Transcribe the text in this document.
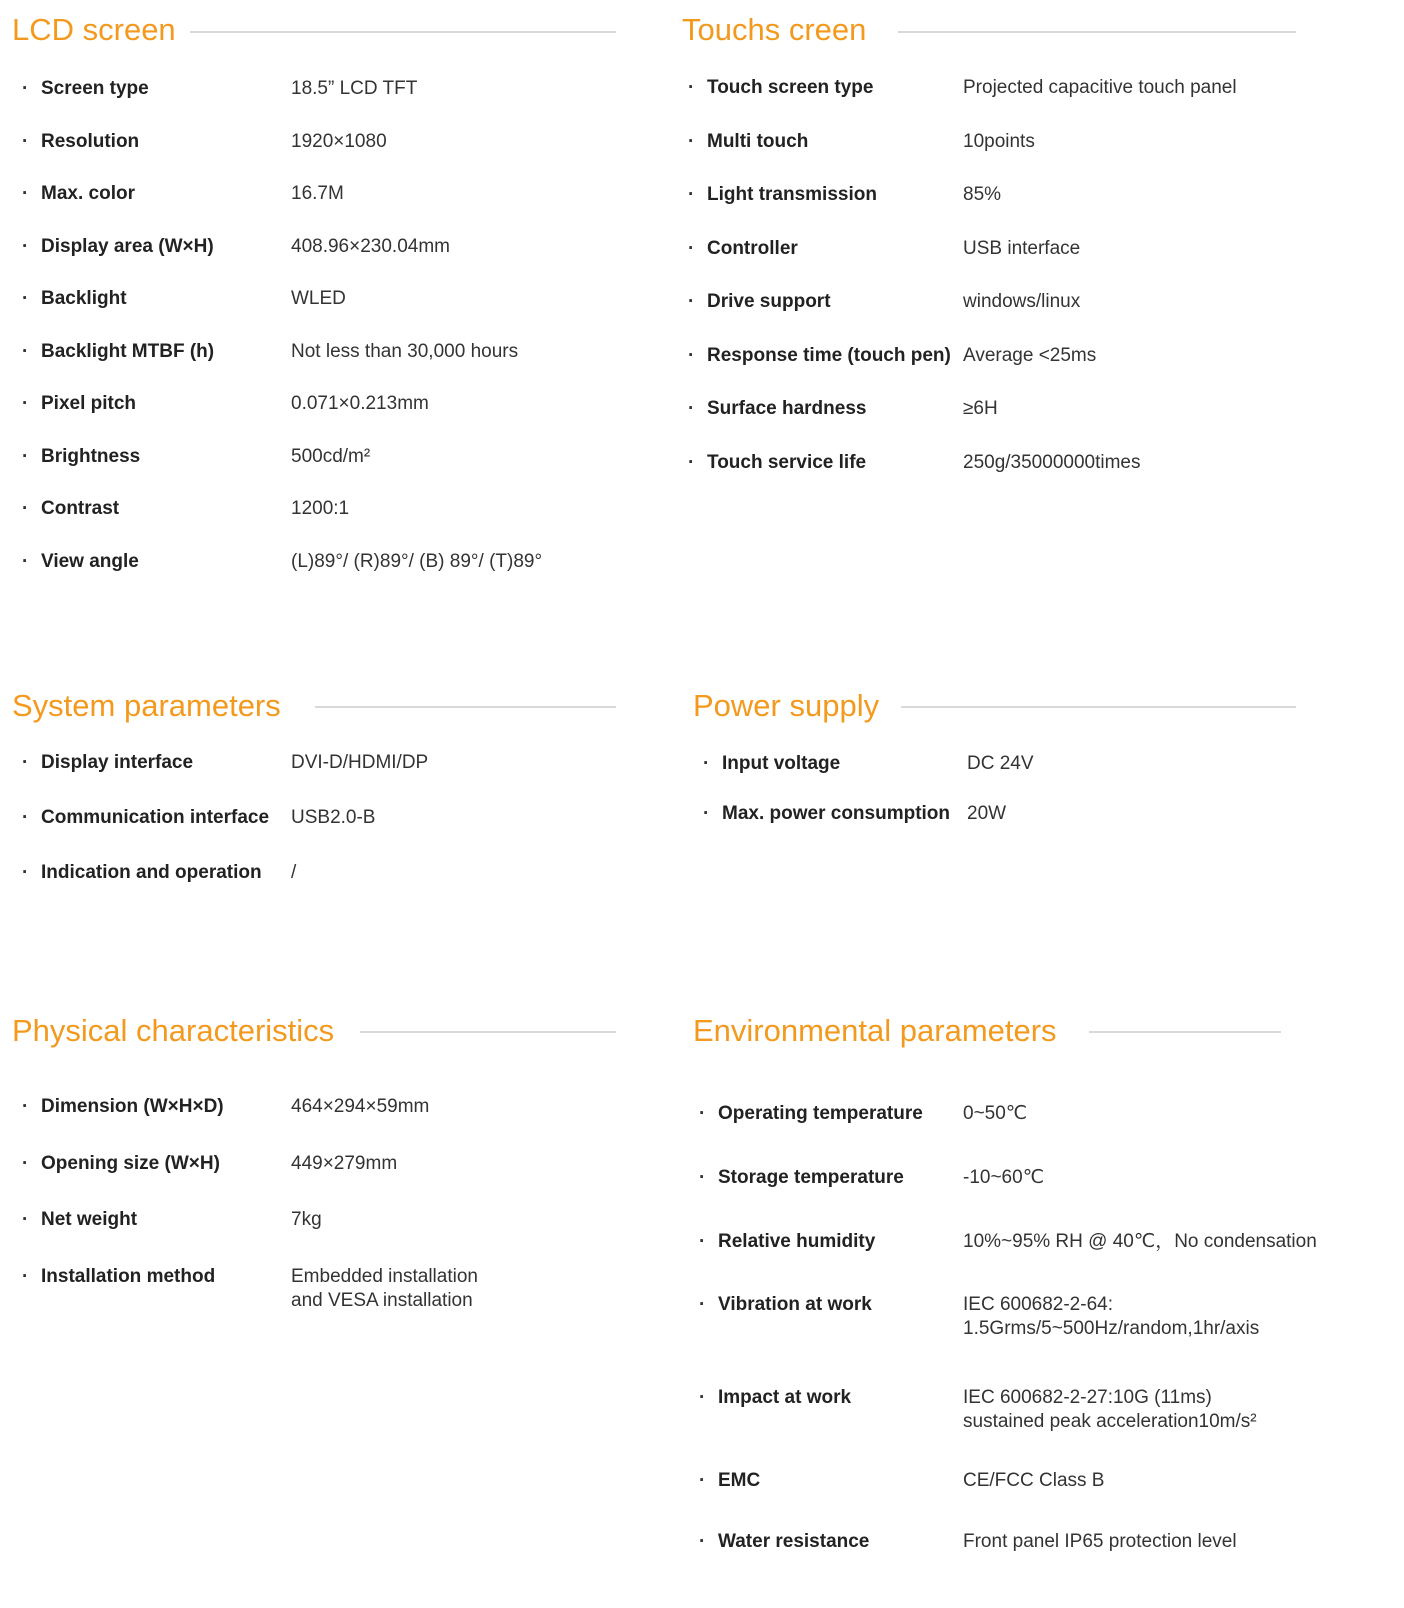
LCD screen
· Screen type	18.5” LCD TFT
· Resolution	1920×1080
· Max. color	16.7M
· Display area (W×H)	408.96×230.04mm
· Backlight	WLED
· Backlight MTBF (h)	Not less than 30,000 hours
· Pixel pitch	0.071×0.213mm
· Brightness	500cd/m²
· Contrast	1200:1
· View angle	(L)89°/ (R)89°/ (B) 89°/ (T)89°
Touchs creen
· Touch screen type	Projected capacitive touch panel
· Multi touch	10points
· Light transmission	85%
· Controller	USB interface
· Drive support	windows/linux
· Response time (touch pen) Average <25ms
· Surface hardness	≥6H
· Touch service life	250g/35000000times
System parameters
· Display interface	DVI-D/HDMI/DP
· Communication interface USB2.0-B
· Indication and operation /
Power supply
· Input voltage	DC 24V
· Max. power consumption 20W
Physical characteristics
· Dimension (W×H×D)	464×294×59mm
· Opening size (W×H)	449×279mm
· Net weight	7kg
· Installation method	Embedded installation
and VESA installation
Environmental parameters
· Operating temperature 0~50℃
· Storage temperature	-10~60℃
· Relative humidity	10%~95% RH @ 40℃，No condensation
· Vibration at work	IEC 600682-2-64:
1.5Grms/5~500Hz/random,1hr/axis
· Impact at work	IEC 600682-2-27:10G (11ms)
sustained peak acceleration10m/s²
· EMC	CE/FCC Class B
· Water resistance	Front panel IP65 protection level
